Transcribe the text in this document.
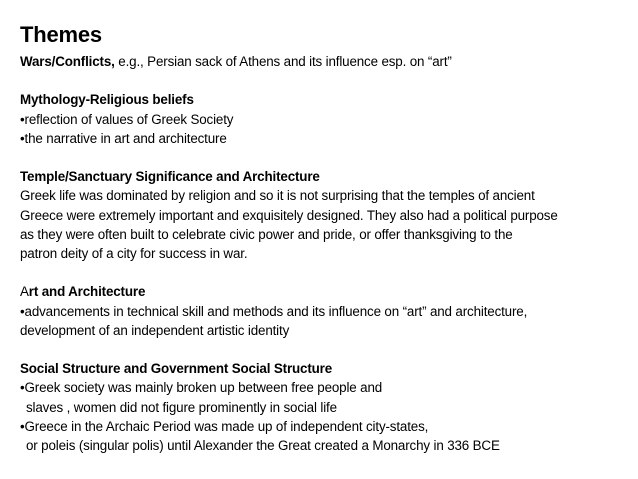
Themes
Wars/Conflicts, e.g., Persian sack of Athens and its influence esp. on “art”
Mythology-Religious beliefs
•reflection of values of Greek Society
•the narrative in art and architecture
Temple/Sanctuary Significance and Architecture
Greek life was dominated by religion and so it is not surprising that the temples of ancient
Greece were extremely important and exquisitely designed. They also had a political purpose
as they were often built to celebrate civic power and pride, or offer thanksgiving to the
patron deity of a city for success in war.
Art and Architecture
•advancements in technical skill and methods and its influence on “art” and architecture,
development of an independent artistic identity
Social Structure and Government Social Structure
•Greek society was mainly broken up between free people and
slaves , women did not figure prominently in social life
•Greece in the Archaic Period was made up of independent city-states,
or poleis (singular polis) until Alexander the Great created a Monarchy in 336 BCE
